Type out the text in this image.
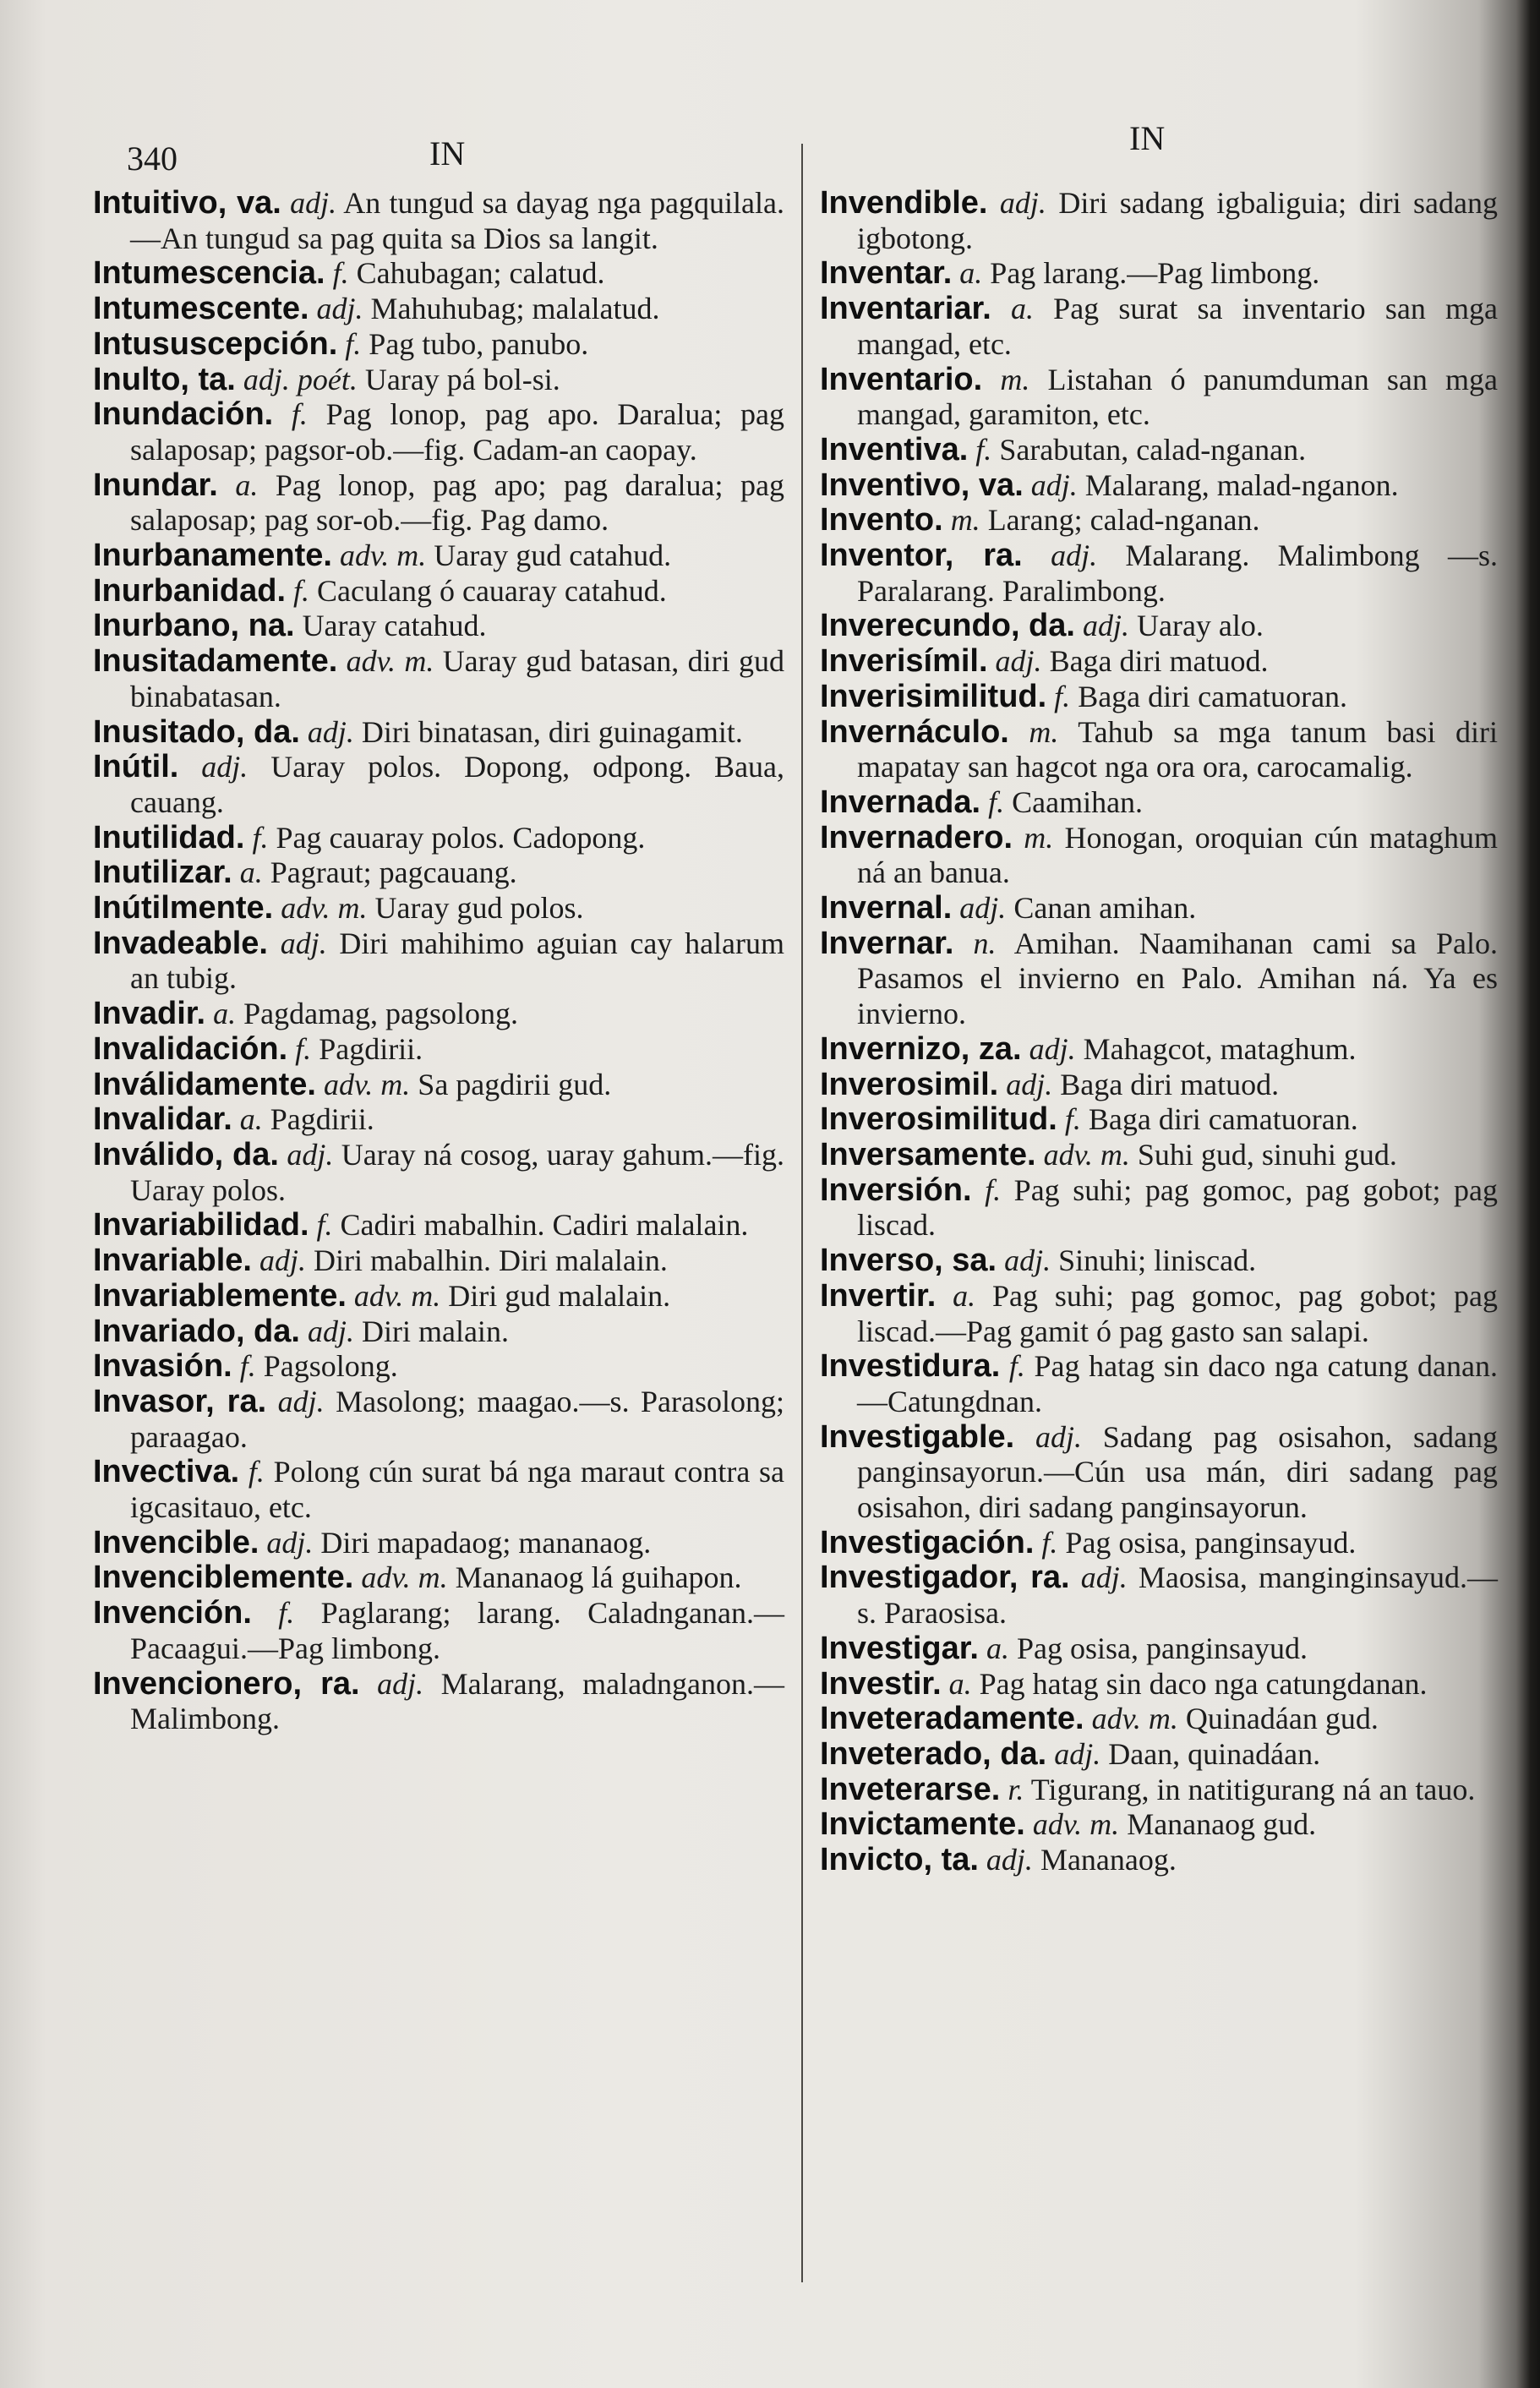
340	IN	IN

Intuitivo, va. adj. An tungud sa dayag nga pagquilala.—An tungud sa pag quita sa Dios sa langit.

Intumescencia. f. Cahubagan; calatud.

Intumescente. adj. Mahuhubag; malalatud.

Intususcepción. f. Pag tubo, panubo.

Inulto, ta. adj. poét. Uaray pá bol-si.

Inundación. f. Pag lonop, pag apo. Daralua; pag salaposap; pagsor-ob.—fig. Cadam-an caopay.

Inundar. a. Pag lonop, pag apo; pag daralua; pag salaposap; pag sor-ob.—fig. Pag damo.

Inurbanamente. adv. m. Uaray gud catahud.

Inurbanidad. f. Caculang ó cauaray catahud.

Inurbano, na. Uaray catahud.

Inusitadamente. adv. m. Uaray gud batasan, diri gud binabatasan.

Inusitado, da. adj. Diri binatasan, diri guinagamit.

Inútil. adj. Uaray polos. Dopong, odpong. Baua, cauang.

Inutilidad. f. Pag cauaray polos. Cadopong.

Inutilizar. a. Pagraut; pagcauang.

Inútilmente. adv. m. Uaray gud polos.

Invadeable. adj. Diri mahihimo aguian cay halarum an tubig.

Invadir. a. Pagdamag, pagsolong.

Invalidación. f. Pagdirii.

Inválidamente. adv. m. Sa pagdirii gud.

Invalidar. a. Pagdirii.

Inválido, da. adj. Uaray ná cosog, uaray gahum.—fig. Uaray polos.

Invariabilidad. f. Cadiri mabalhin. Cadiri malalain.

Invariable. adj. Diri mabalhin. Diri malalain.

Invariablemente. adv. m. Diri gud malalain.

Invariado, da. adj. Diri malain.

Invasión. f. Pagsolong.

Invasor, ra. adj. Masolong; maagao.—s. Parasolong; paraagao.

Invectiva. f. Polong cún surat bá nga maraut contra sa igcasitauo, etc.

Invencible. adj. Diri mapadaog; mananaog.

Invenciblemente. adv. m. Mananaog lá guihapon.

Invención. f. Paglarang; larang. Caladnganan.—Pacaagui.—Pag limbong.

Invencionero, ra. adj. Malarang, maladnganon.—Malimbong.

Invendible. adj. Diri sadang igbaliguia; diri sadang igbotong.

Inventar. a. Pag larang.—Pag limbong.

Inventariar. a. Pag surat sa inventario san mga mangad, etc.

Inventario. m. Listahan ó panumduman san mga mangad, garamiton, etc.

Inventiva. f. Sarabutan, calad-nganan.

Inventivo, va. adj. Malarang, malad-nganon.

Invento. m. Larang; calad-nganan.

Inventor, ra. adj. Malarang. Malimbong —s. Paralarang. Paralimbong.

Inverecundo, da. adj. Uaray alo.

Inverisímil. adj. Baga diri matuod.

Inverisimilitud. f. Baga diri camatuoran.

Invernáculo. m. Tahub sa mga tanum basi diri mapatay san hagcot nga ora ora, carocamalig.

Invernada. f. Caamihan.

Invernadero. m. Honogan, oroquian cún mataghum ná an banua.

Invernal. adj. Canan amihan.

Invernar. n. Amihan. Naamihanan cami sa Palo. Pasamos el invierno en Palo. Amihan ná. Ya es invierno.

Invernizo, za. adj. Mahagcot, mataghum.

Inverosimil. adj. Baga diri matuod.

Inverosimilitud. f. Baga diri camatuoran.

Inversamente. adv. m. Suhi gud, sinuhi gud.

Inversión. f. Pag suhi; pag gomoc, pag gobot; pag liscad.

Inverso, sa. adj. Sinuhi; liniscad.

Invertir. a. Pag suhi; pag gomoc, pag gobot; pag liscad.—Pag gamit ó pag gasto san salapi.

Investidura. f. Pag hatag sin daco nga catung danan.—Catungdnan.

Investigable. adj. Sadang pag osisahon, sadang panginsayorun.—Cún usa mán, diri sadang pag osisahon, diri sadang panginsayorun.

Investigación. f. Pag osisa, panginsayud.

Investigador, ra. adj. Maosisa, manginginsayud.—s. Paraosisa.

Investigar. a. Pag osisa, panginsayud.

Investir. a. Pag hatag sin daco nga catungdanan.

Inveteradamente. adv. m. Quinadáan gud.

Inveterado, da. adj. Daan, quinadáan.

Inveterarse. r. Tigurang, in natitigurang ná an tauo.

Invictamente. adv. m. Mananaog gud.

Invicto, ta. adj. Mananaog.
